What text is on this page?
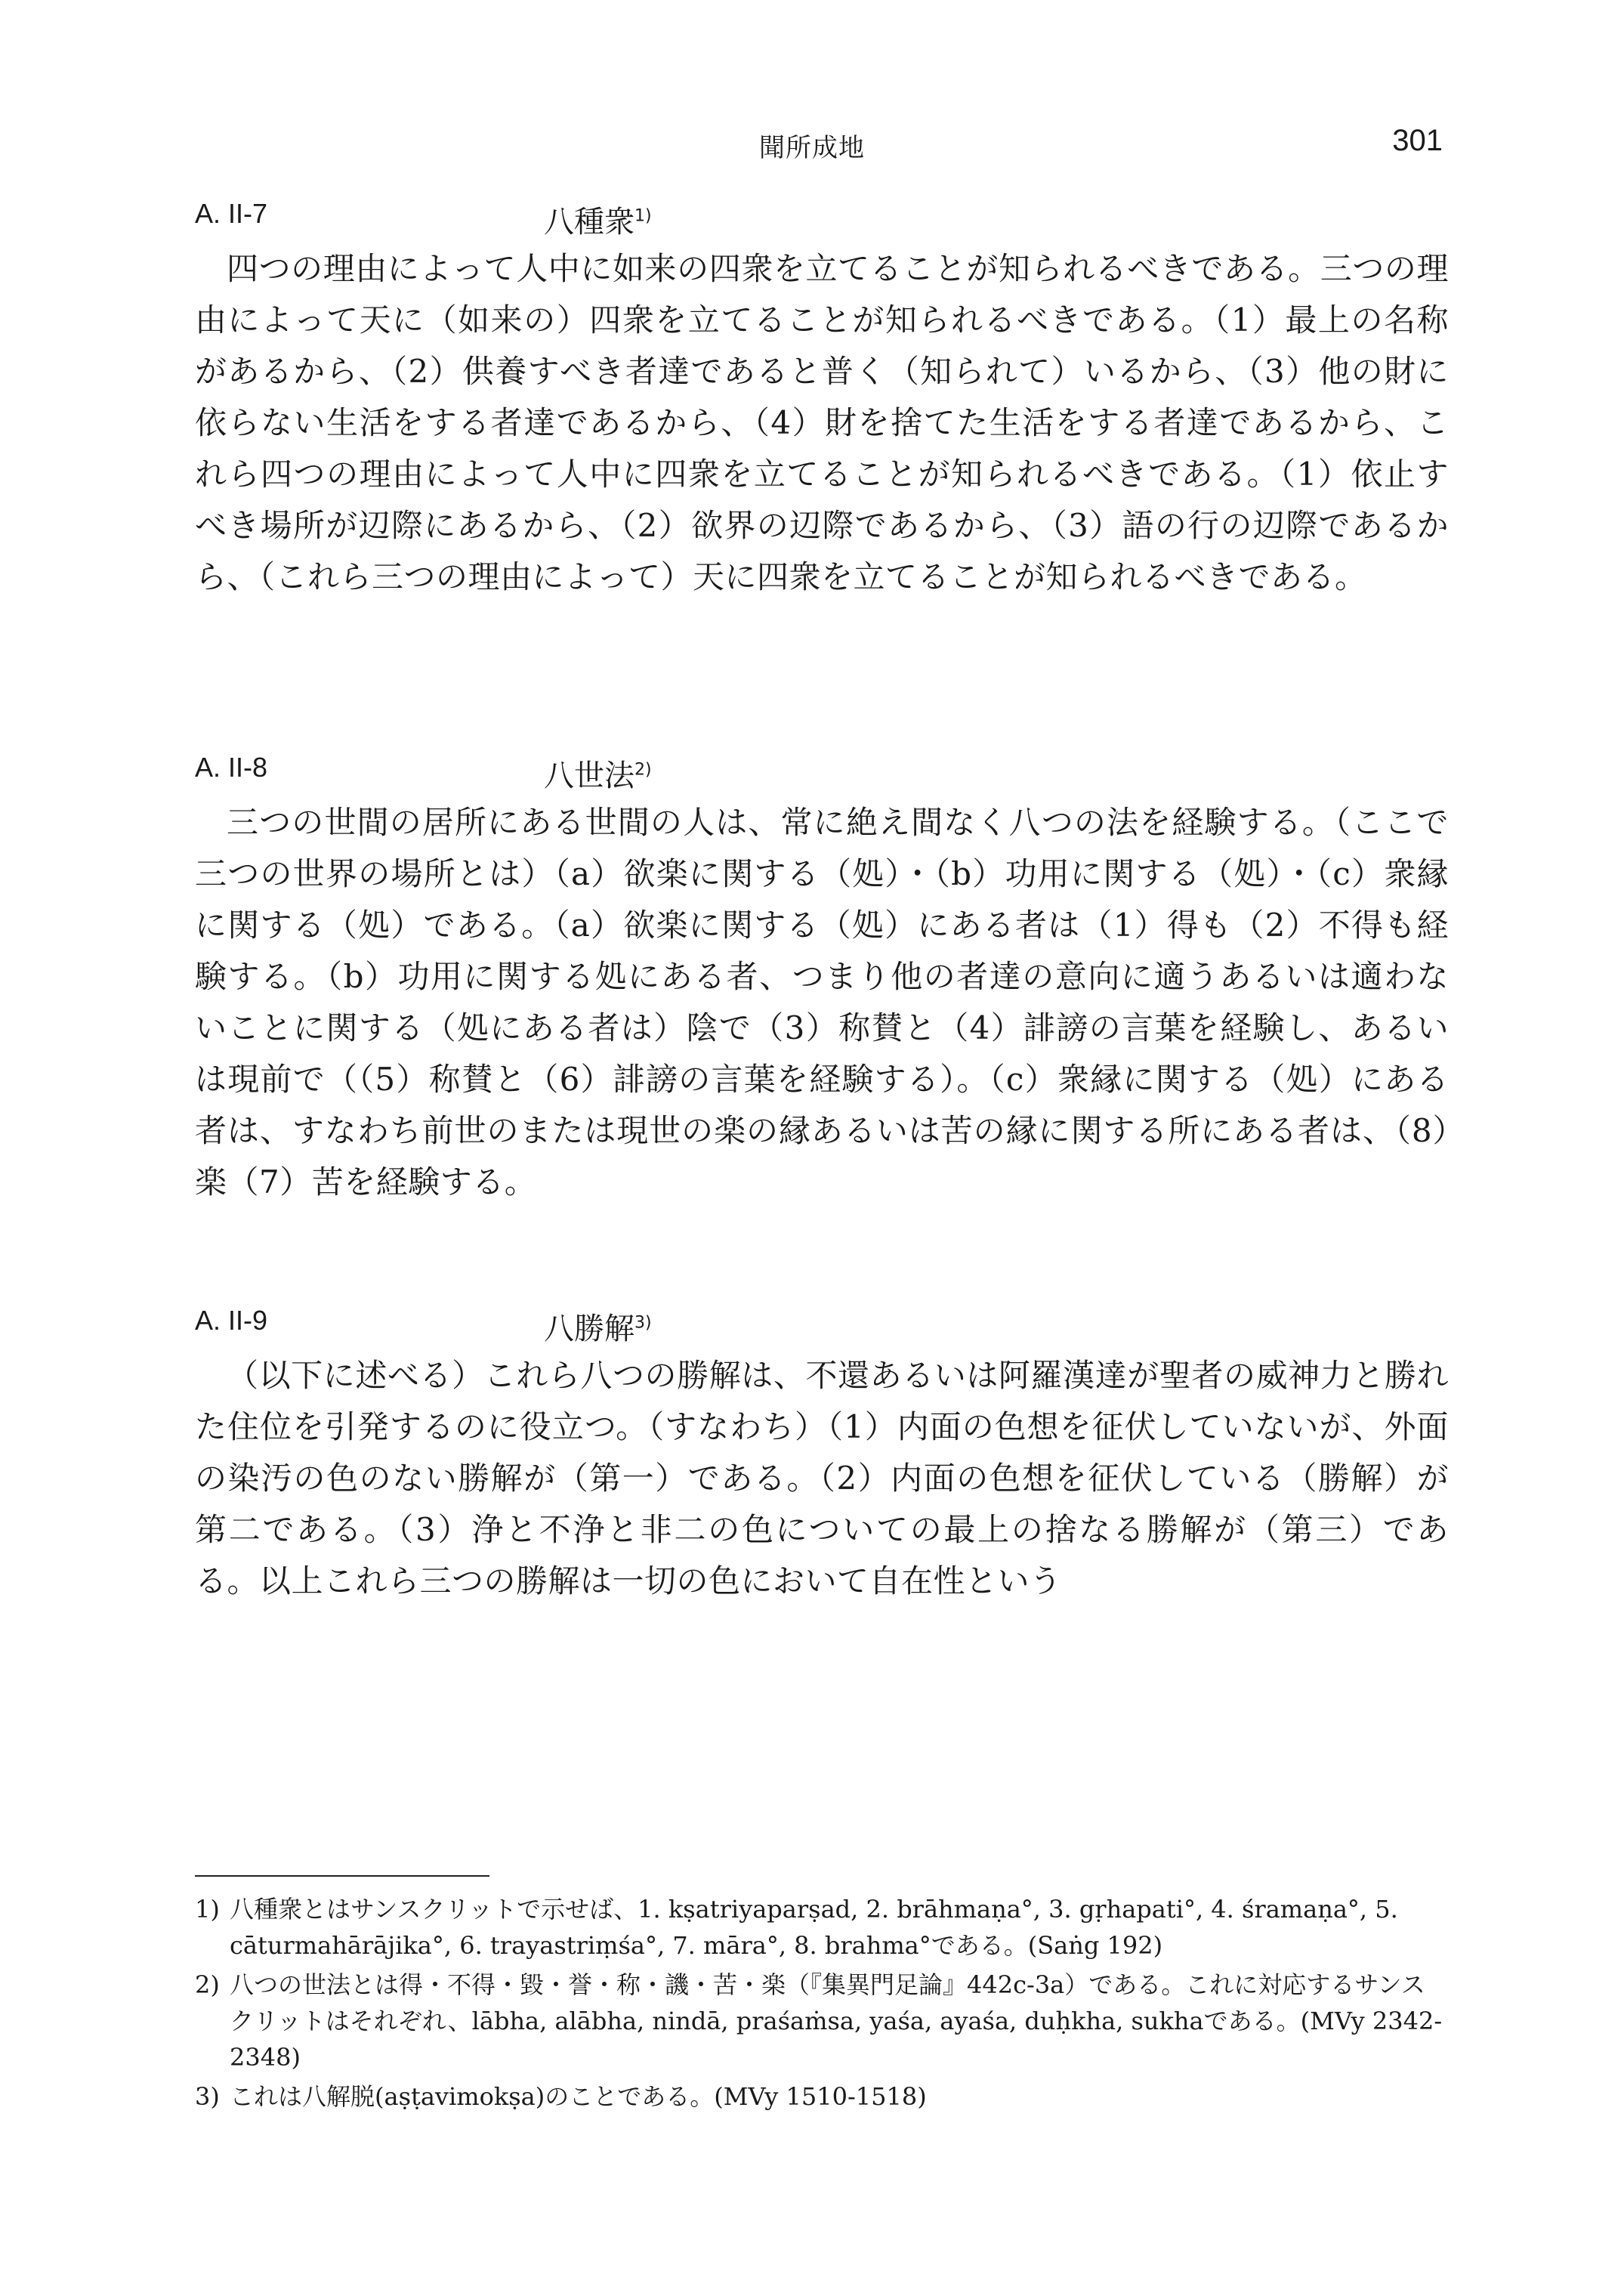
聞所成地	301
A. II-7	八種衆$^{1)}$
四つの理由によって人中に如来の四衆を立てることが知られるべきである。三つの理由によって天に（如来の）四衆を立てることが知られるべきである。（1）最上の名称があるから、（2）供養すべき者達であると普く（知られて）いるから、（3）他の財に依らない生活をする者達であるから、（4）財を捨てた生活をする者達であるから、これら四つの理由によって人中に四衆を立てることが知られるべきである。（1）依止すべき場所が辺際にあるから、（2）欲界の辺際であるから、（3）語の行の辺際であるから、（これら三つの理由によって）天に四衆を立てることが知られるべきである。
A. II-8	八世法$^{2)}$
三つの世間の居所にある世間の人は、常に絶え間なく八つの法を経験する。（ここで三つの世界の場所とは）（a）欲楽に関する（処）・（b）功用に関する（処）・（c）衆縁に関する（処）である。（a）欲楽に関する（処）にある者は（1）得も（2）不得も経験する。（b）功用に関する処にある者、つまり他の者達の意向に適うあるいは適わないことに関する（処にある者は）陰で（3）称賛と（4）誹謗の言葉を経験し、あるいは現前で（（5）称賛と（6）誹謗の言葉を経験する）。（c）衆縁に関する（処）にある者は、すなわち前世のまたは現世の楽の縁あるいは苦の縁に関する所にある者は、（8）楽（7）苦を経験する。
A. II-9	八勝解$^{3)}$
（以下に述べる）これら八つの勝解は、不還あるいは阿羅漢達が聖者の威神力と勝れた住位を引発するのに役立つ。（すなわち）（1）内面の色想を征伏していないが、外面の染汚の色のない勝解が（第一）である。（2）内面の色想を征伏している（勝解）が第二である。（3）浄と不浄と非二の色についての最上の捨なる勝解が（第三）である。以上これら三つの勝解は一切の色において自在性という
1) 八種衆とはサンスクリットで示せば、1. kṣatriyaparṣad, 2. brāhmaṇa°, 3. gṛhapati°, 4. śramaṇa°, 5. cāturmahārājika°, 6. trayastriṃśa°, 7. māra°, 8. brahma°である。(Saṅg 192)
2) 八つの世法とは得・不得・毀・誉・称・譏・苦・楽（『集異門足論』442c-3a）である。これに対応するサンスクリットはそれぞれ、lābha, alābha, nindā, praśaṁsa, yaśa, ayaśa, duḥkha, sukhaである。(MVy 2342-2348)
3) これは八解脱(aṣṭavimokṣa)のことである。(MVy 1510-1518)
